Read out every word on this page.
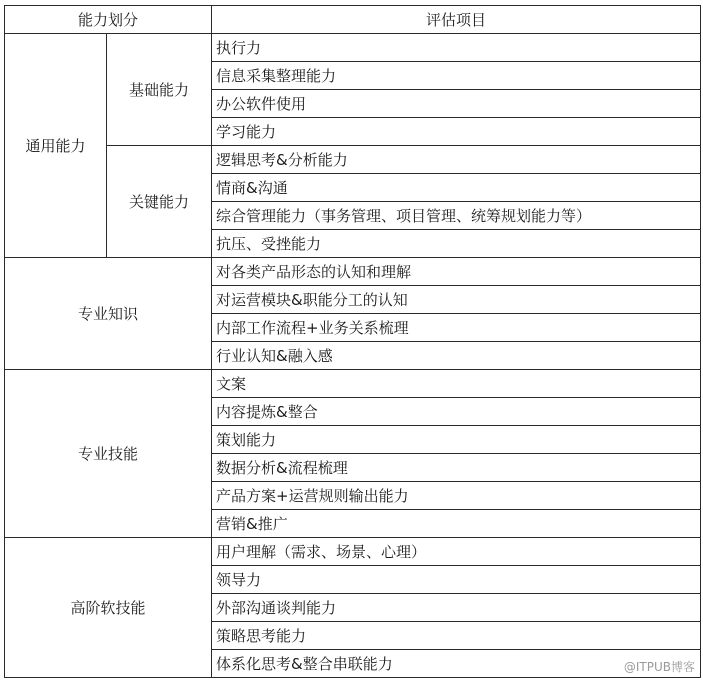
能力划分		评估项目
通用能力	基础能力	执行力
		信息采集整理能力
		办公软件使用
		学习能力
	关键能力	逻辑思考&分析能力
		情商&沟通
		综合管理能力（事务管理、项目管理、统筹规划能力等）
		抗压、受挫能力
专业知识		对各类产品形态的认知和理解
		对运营模块&职能分工的认知
		内部工作流程+业务关系梳理
		行业认知&融入感
专业技能		文案
		内容提炼&整合
		策划能力
		数据分析&流程梳理
		产品方案+运营规则输出能力
		营销&推广
高阶软技能		用户理解（需求、场景、心理）
		领导力
		外部沟通谈判能力
		策略思考能力
		体系化思考&整合串联能力	@ITPUB博客
